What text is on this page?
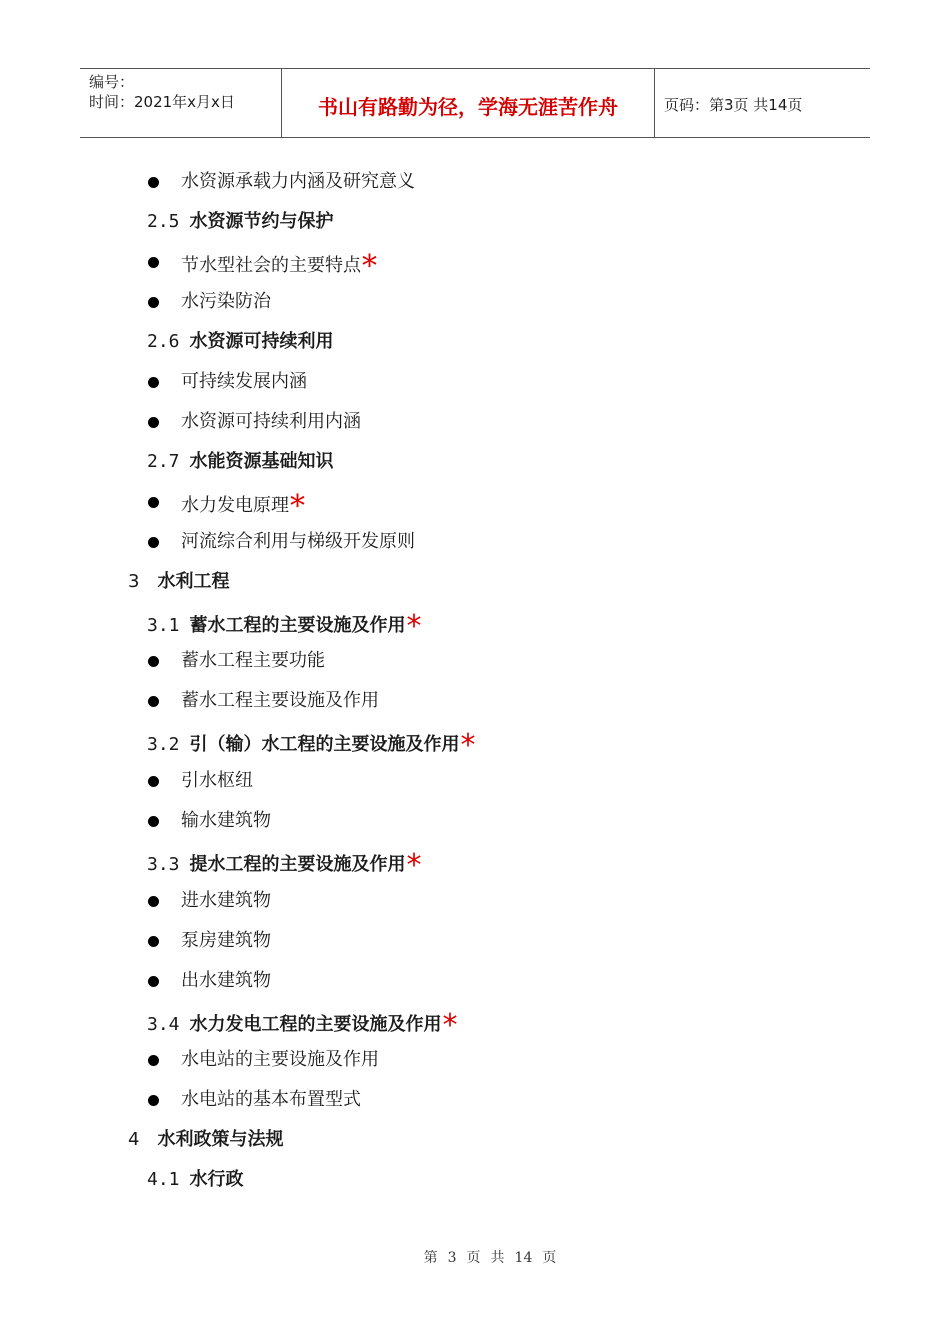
编号：
时间：2021年x月x日	书山有路勤为径，学海无涯苦作舟	页码：第3页 共14页
水资源承载力内涵及研究意义
2.5 水资源节约与保护
节水型社会的主要特点*
水污染防治
2.6 水资源可持续利用
可持续发展内涵
水资源可持续利用内涵
2.7 水能资源基础知识
水力发电原理*
河流综合利用与梯级开发原则
3 水利工程
3.1 蓄水工程的主要设施及作用*
蓄水工程主要功能
蓄水工程主要设施及作用
3.2 引（输）水工程的主要设施及作用*
引水枢纽
输水建筑物
3.3 提水工程的主要设施及作用*
进水建筑物
泵房建筑物
出水建筑物
3.4 水力发电工程的主要设施及作用*
水电站的主要设施及作用
水电站的基本布置型式
4 水利政策与法规
4.1 水行政
第 3 页 共 14 页
